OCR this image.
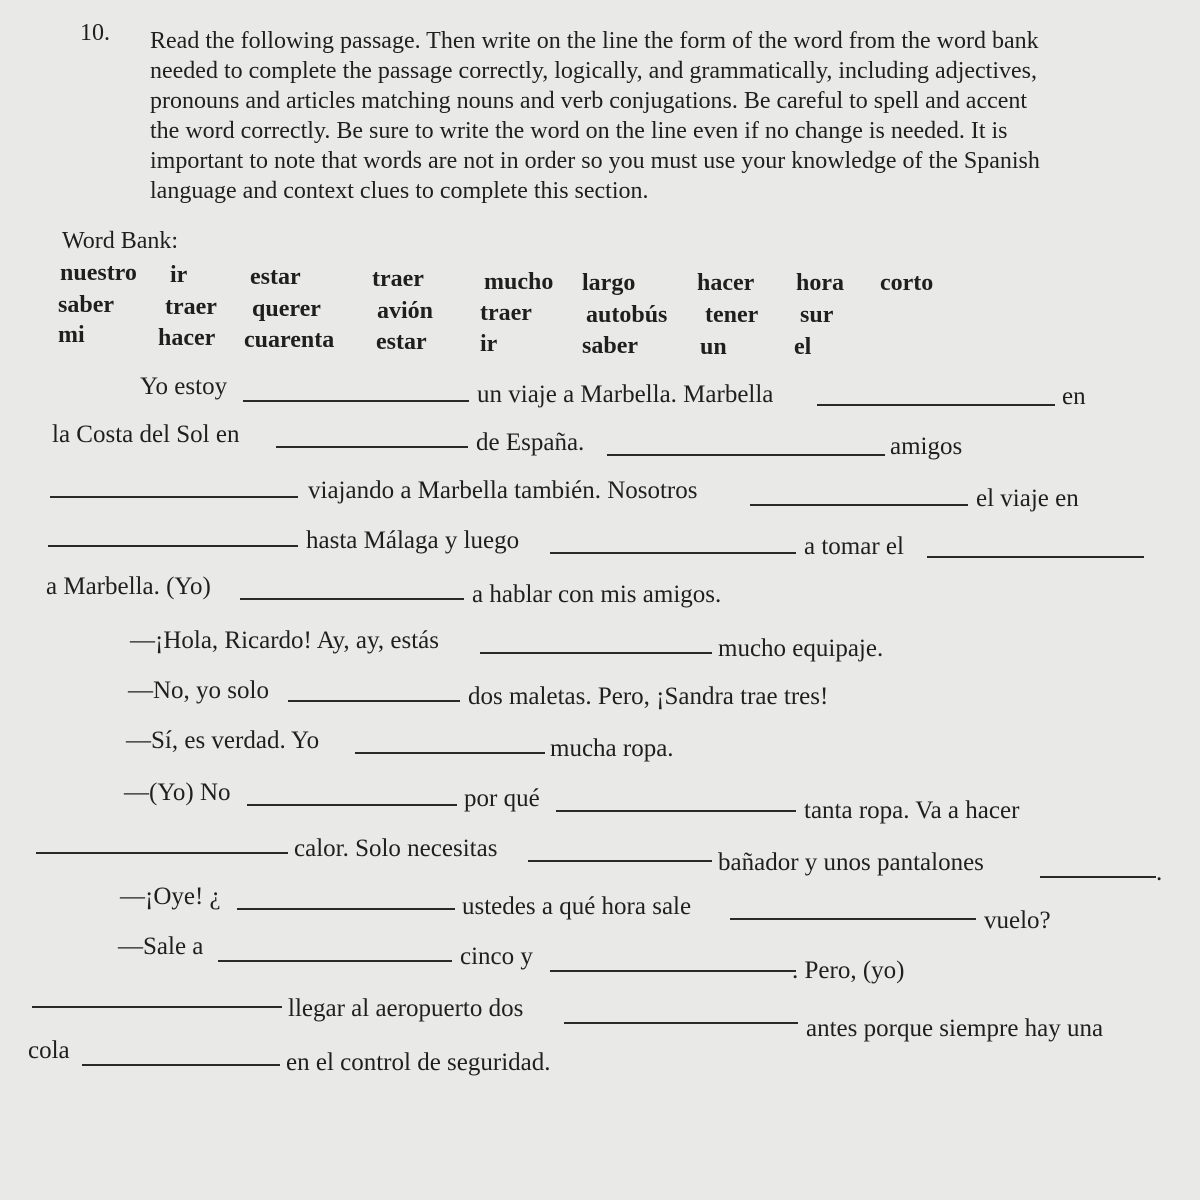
10. Read the following passage. Then write on the line the form of the word from the word bank
needed to complete the passage correctly, logically, and grammatically, including adjectives,
pronouns and articles matching nouns and verb conjugations. Be careful to spell and accent
the word correctly. Be sure to write the word on the line even if no change is needed. It is
important to note that words are not in order so you must use your knowledge of the Spanish
language and context clues to complete this section.
Word Bank:
nuestro ir	estar	traer	mucho largo	hacer hora corto
saber traer querer avión traer autobús tener sur
mi	hacer cuarenta estar ir	saber	un	el
Yo estoy	un viaje a Marbella. Marbella	en
la Costa del Sol en	de España.	amigos
viajando a Marbella también. Nosotros	el viaje en
hasta Málaga y luego	a tomar el
a Marbella. (Yo)	a hablar con mis amigos.
—¡Hola, Ricardo! Ay, ay, estás	mucho equipaje.
—No, yo solo	dos maletas. Pero, ¡Sandra trae tres!
—Sí, es verdad. Yo	mucha ropa.
—(Yo) No	por qué	tanta ropa. Va a hacer
calor. Solo necesitas
bañador y unos pantalones	.
—¡Oye! ¿	ustedes a qué hora sale
vuelo?
—Sale a	cinco y
. Pero, (yo)
llegar al aeropuerto dos
antes porque siempre hay una
cola	en el control de seguridad.
